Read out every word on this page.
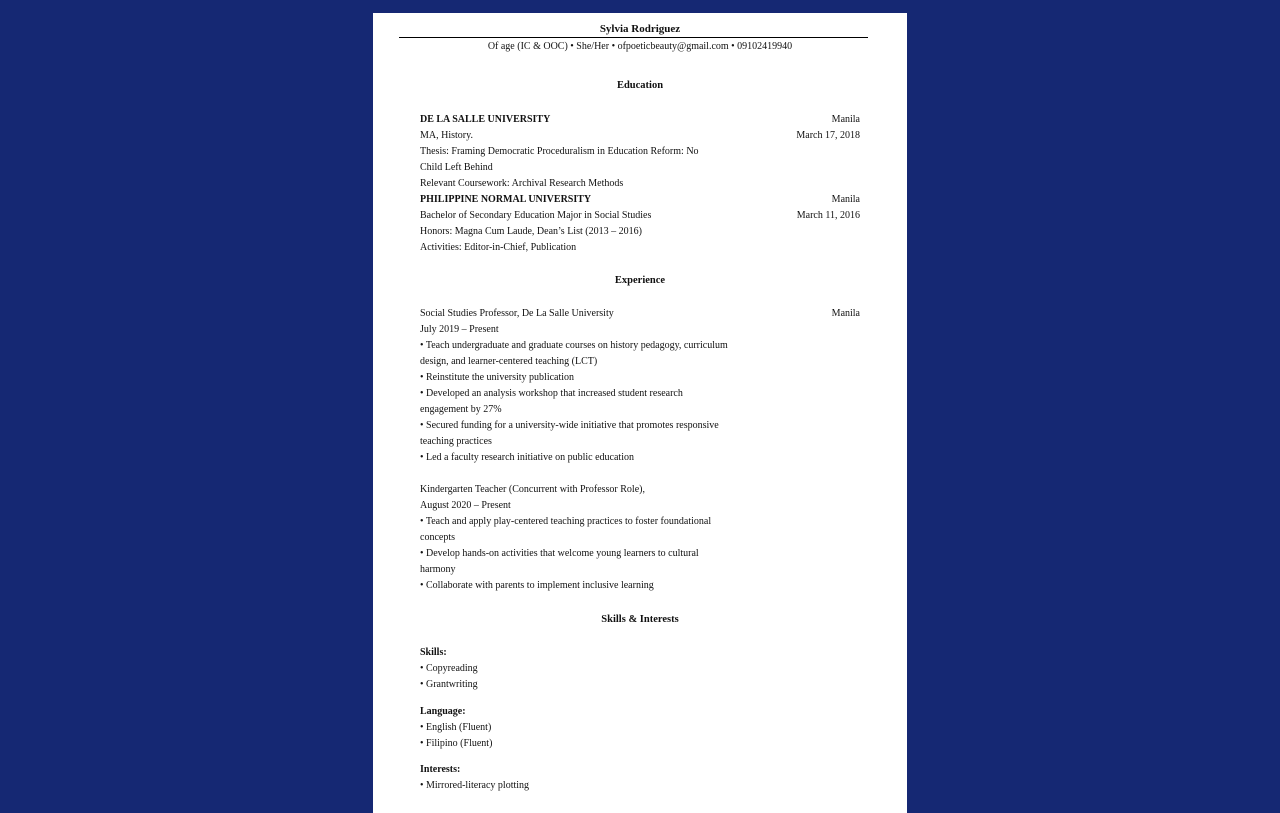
Sylvia Rodriguez
Of age (IC & OOC) • She/Her • ofpoeticbeauty@gmail.com • 09102419940
Education
DE LA SALLE UNIVERSITY	Manila
MA, History.	March 17, 2018
Thesis: Framing Democratic Proceduralism in Education Reform: No
Child Left Behind
Relevant Coursework: Archival Research Methods
PHILIPPINE NORMAL UNIVERSITY	Manila
Bachelor of Secondary Education Major in Social Studies	March 11, 2016
Honors: Magna Cum Laude, Dean’s List (2013 – 2016)
Activities: Editor-in-Chief, Publication
Experience
Social Studies Professor, De La Salle University	Manila
July 2019 – Present
• Teach undergraduate and graduate courses on history pedagogy, curriculum
design, and learner-centered teaching (LCT)
• Reinstitute the university publication
• Developed an analysis workshop that increased student research
engagement by 27%
• Secured funding for a university-wide initiative that promotes responsive
teaching practices
• Led a faculty research initiative on public education
Kindergarten Teacher (Concurrent with Professor Role),
August 2020 – Present
• Teach and apply play-centered teaching practices to foster foundational
concepts
• Develop hands-on activities that welcome young learners to cultural
harmony
• Collaborate with parents to implement inclusive learning
Skills & Interests
Skills:
• Copyreading
• Grantwriting
Language:
• English (Fluent)
• Filipino (Fluent)
Interests:
• Mirrored-literacy plotting
